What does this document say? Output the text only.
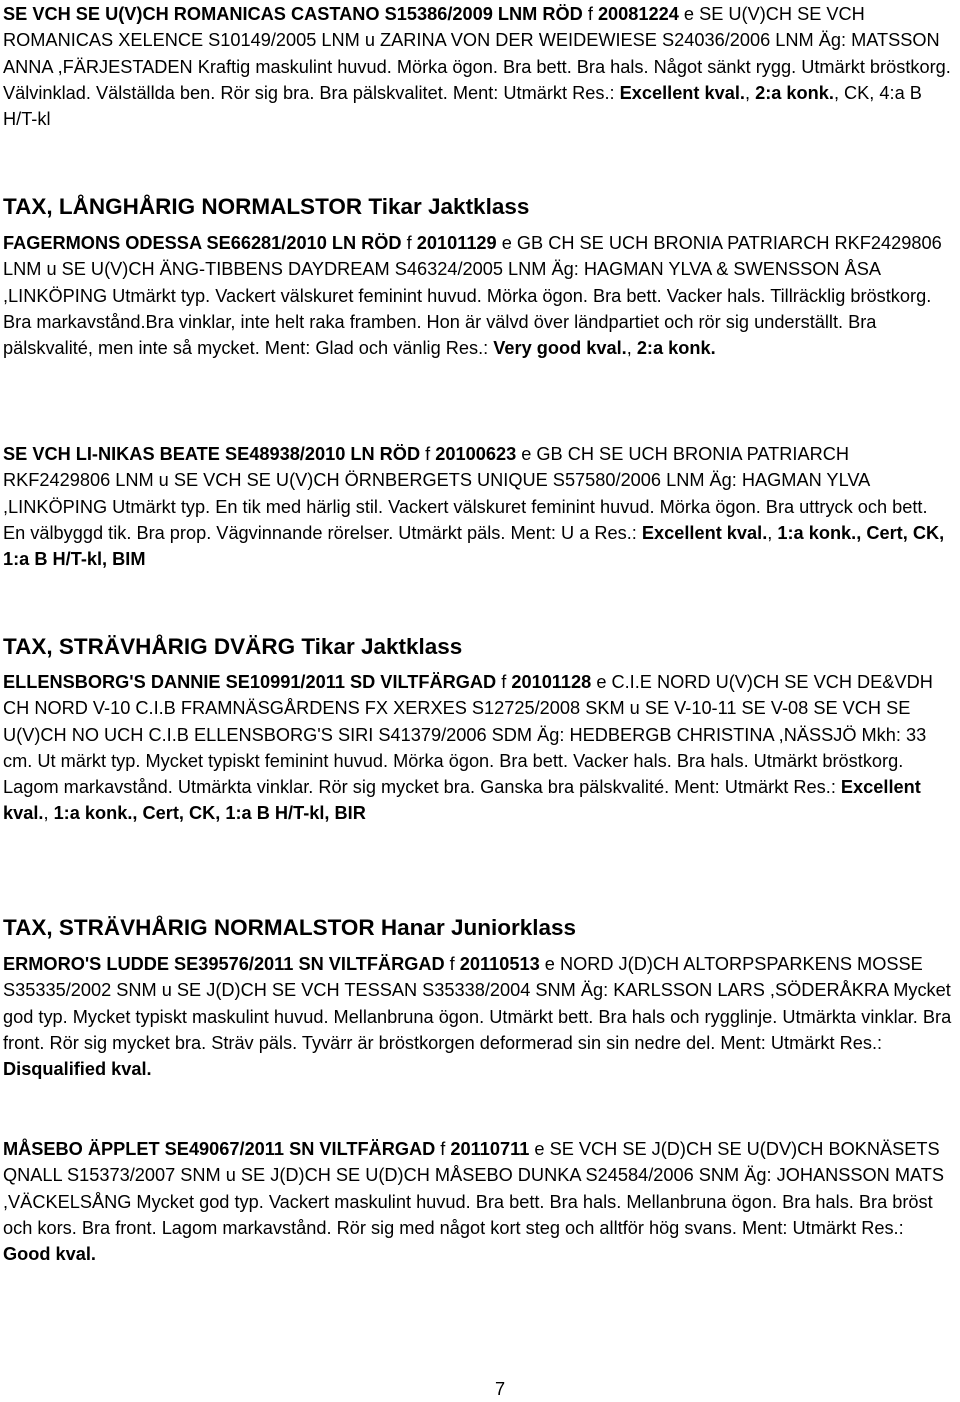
SE VCH SE U(V)CH ROMANICAS CASTANO S15386/2009 LNM RÖD f 20081224 e SE U(V)CH SE VCH ROMANICAS XELENCE S10149/2005 LNM u ZARINA VON DER WEIDEWIESE S24036/2006 LNM Äg: MATSSON ANNA ,FÄRJESTADEN Kraftig maskulint huvud. Mörka ögon. Bra bett. Bra hals. Något sänkt rygg. Utmärkt bröstkorg. Välvinklad. Välställda ben. Rör sig bra. Bra pälskvalitet. Ment: Utmärkt Res.: Excellent kval., 2:a konk., CK, 4:a B H/T-kl

TAX, LÅNGHÅRIG NORMALSTOR Tikar Jaktklass

FAGERMONS ODESSA SE66281/2010 LN RÖD f 20101129 e GB CH SE UCH BRONIA PATRIARCH RKF2429806 LNM u SE U(V)CH ÄNG-TIBBENS DAYDREAM S46324/2005 LNM Äg: HAGMAN YLVA & SWENSSON ÅSA ,LINKÖPING Utmärkt typ. Vackert välskuret feminint huvud. Mörka ögon. Bra bett. Vacker hals. Tillräcklig bröstkorg. Bra markavstånd.Bra vinklar, inte helt raka framben. Hon är välvd över ländpartiet och rör sig underställt. Bra pälskvalité, men inte så mycket. Ment: Glad och vänlig Res.: Very good kval., 2:a konk.

SE VCH LI-NIKAS BEATE SE48938/2010 LN RÖD f 20100623 e GB CH SE UCH BRONIA PATRIARCH RKF2429806 LNM u SE VCH SE U(V)CH ÖRNBERGETS UNIQUE S57580/2006 LNM Äg: HAGMAN YLVA ,LINKÖPING Utmärkt typ. En tik med härlig stil. Vackert välskuret feminint huvud. Mörka ögon. Bra uttryck och bett. En välbyggd tik. Bra prop. Vägvinnande rörelser. Utmärkt päls. Ment: U a Res.: Excellent kval., 1:a konk., Cert, CK, 1:a B H/T-kl, BIM

TAX, STRÄVHÅRIG DVÄRG Tikar Jaktklass

ELLENSBORG'S DANNIE SE10991/2011 SD VILTFÄRGAD f 20101128 e C.I.E NORD U(V)CH SE VCH DE&VDH CH NORD V-10 C.I.B FRAMNÄSGÅRDENS FX XERXES S12725/2008 SKM u SE V-10-11 SE V-08 SE VCH SE U(V)CH NO UCH C.I.B ELLENSBORG'S SIRI S41379/2006 SDM Äg: HEDBERGB CHRISTINA ,NÄSSJÖ Mkh: 33 cm. Ut märkt typ. Mycket typiskt feminint huvud. Mörka ögon. Bra bett. Vacker hals. Bra hals. Utmärkt bröstkorg. Lagom markavstånd. Utmärkta vinklar. Rör sig mycket bra. Ganska bra pälskvalité. Ment: Utmärkt Res.: Excellent kval., 1:a konk., Cert, CK, 1:a B H/T-kl, BIR

TAX, STRÄVHÅRIG NORMALSTOR Hanar Juniorklass

ERMORO'S LUDDE SE39576/2011 SN VILTFÄRGAD f 20110513 e NORD J(D)CH ALTORPSPARKENS MOSSE S35335/2002 SNM u SE J(D)CH SE VCH TESSAN S35338/2004 SNM Äg: KARLSSON LARS ,SÖDERÅKRA Mycket god typ. Mycket typiskt maskulint huvud. Mellanbruna ögon. Utmärkt bett. Bra hals och rygglinje. Utmärkta vinklar. Bra front. Rör sig mycket bra. Sträv päls. Tyvärr är bröstkorgen deformerad sin sin nedre del. Ment: Utmärkt Res.: Disqualified kval.

MÅSEBO ÄPPLET SE49067/2011 SN VILTFÄRGAD f 20110711 e SE VCH SE J(D)CH SE U(DV)CH BOKNÄSETS QNALL S15373/2007 SNM u SE J(D)CH SE U(D)CH MÅSEBO DUNKA S24584/2006 SNM Äg: JOHANSSON MATS ,VÄCKELSÅNG Mycket god typ. Vackert maskulint huvud. Bra bett. Bra hals. Mellanbruna ögon. Bra hals. Bra bröst och kors. Bra front. Lagom markavstånd. Rör sig med något kort steg och alltför hög svans. Ment: Utmärkt Res.: Good kval.

7
